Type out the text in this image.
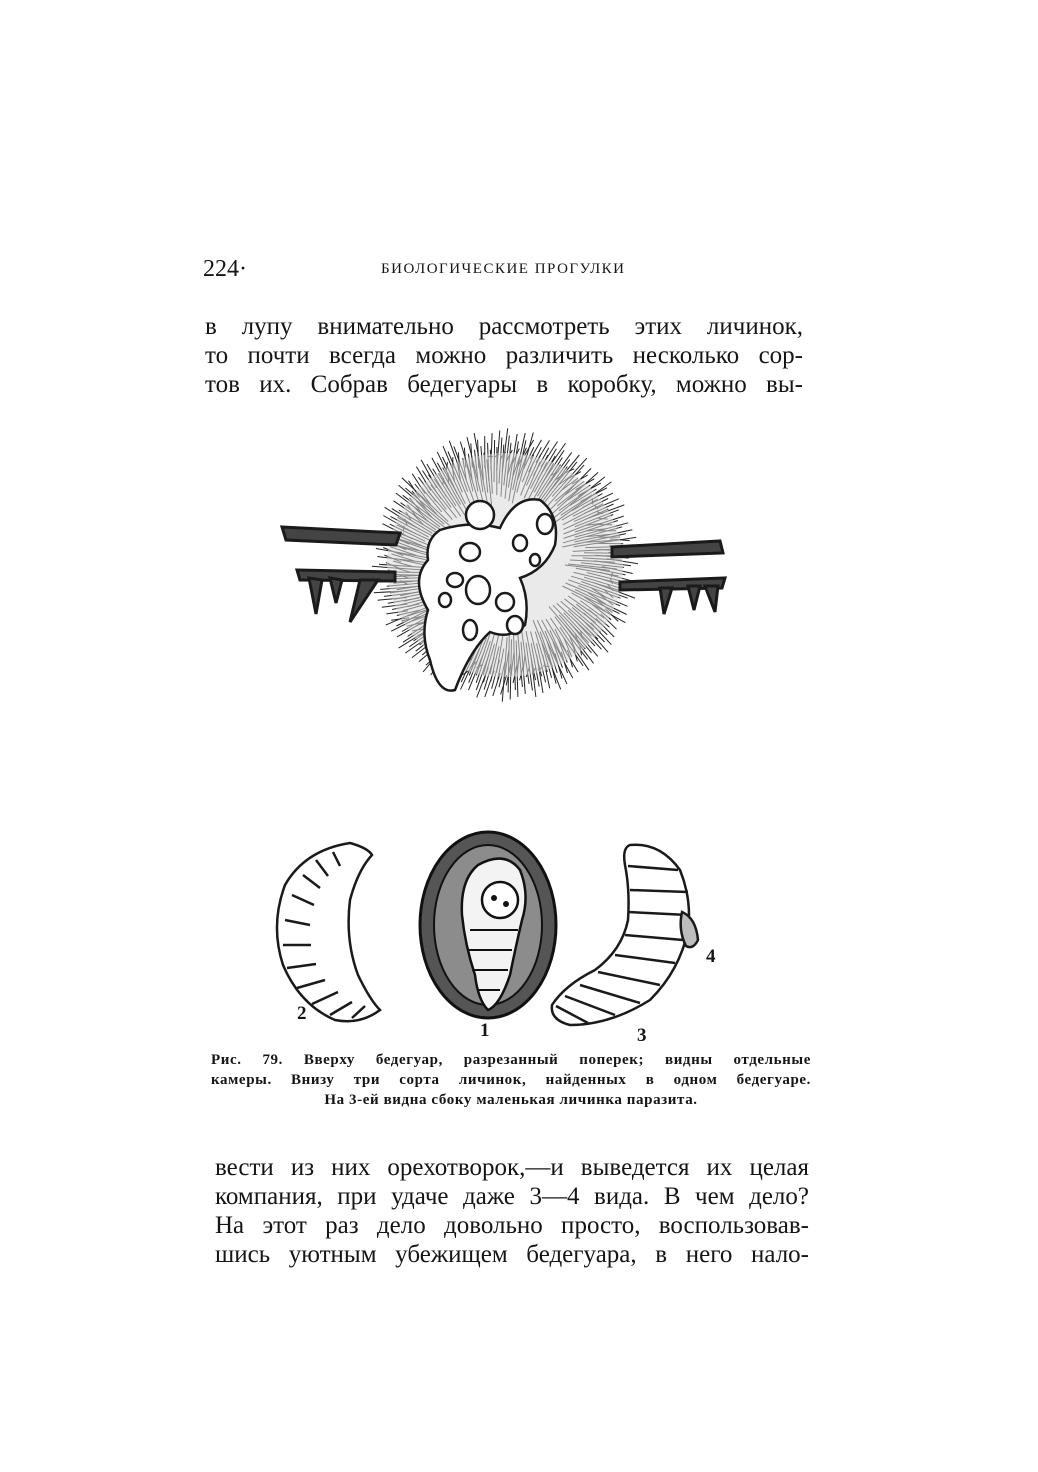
224·	БИОЛОГИЧЕСКИЕ ПРОГУЛКИ
в лупу внимательно рассмотреть этих личинок,
то почти всегда можно различить несколько сор-
тов их. Собрав бедегуары в коробку, можно вы-
2
1	3
4
Рис. 79. Вверху бедегуар, разрезанный поперек; видны отдельные
камеры. Внизу три сорта личинок, найденных в одном бедегуаре.
На 3-ей видна сбоку маленькая личинка паразита.
вести из них орехотворок,—и выведется их целая
компания, при удаче даже 3—4 вида. В чем дело?
На этот раз дело довольно просто, воспользовав-
шись уютным убежищем бедегуара, в него нало-
